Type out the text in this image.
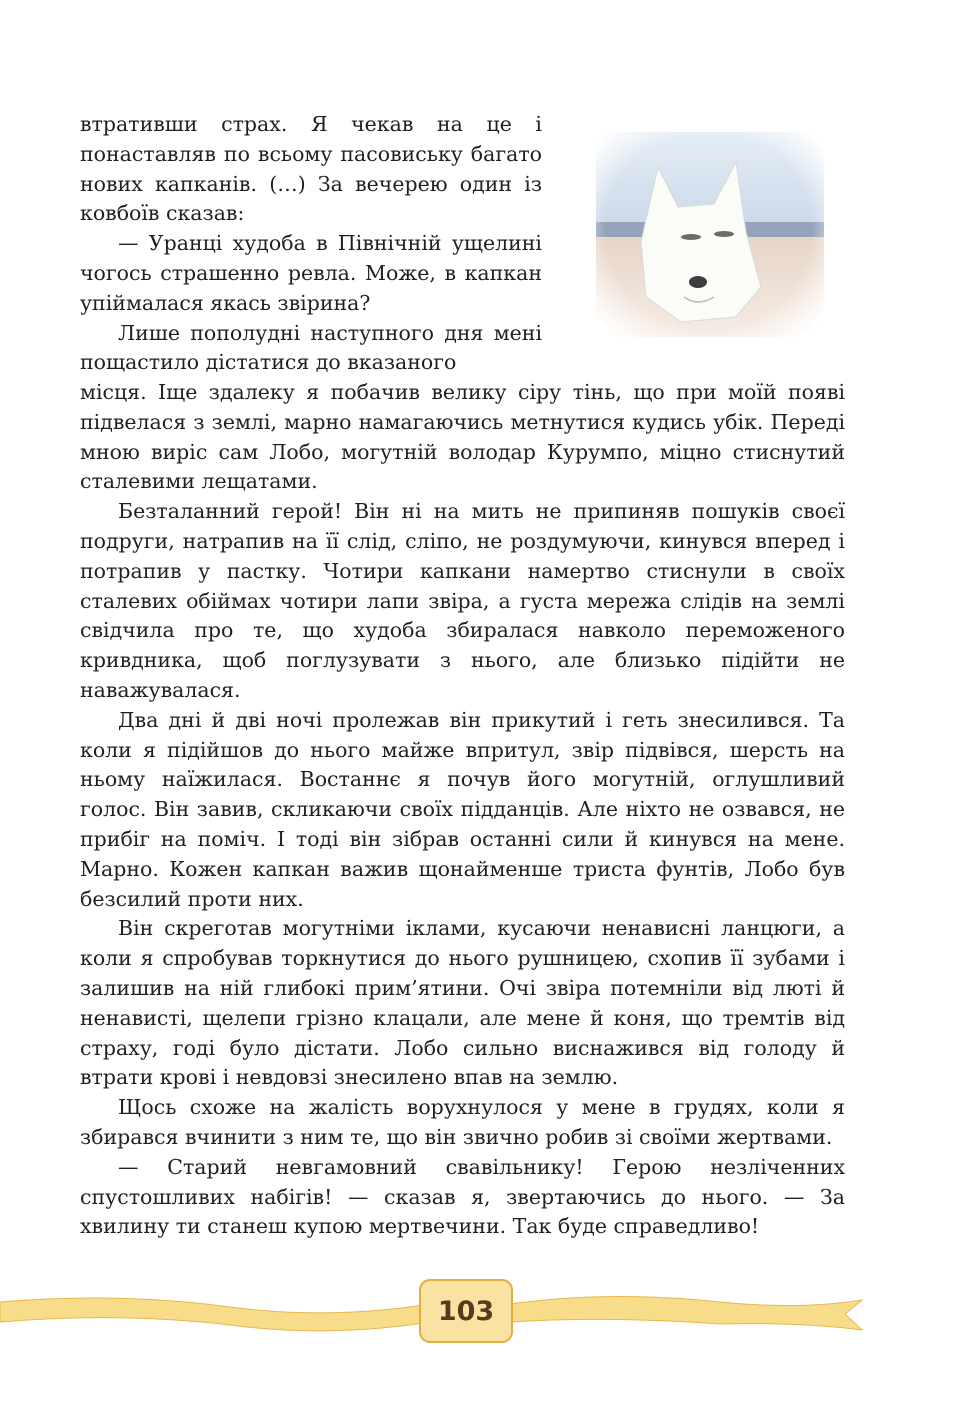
втративши страх. Я чекав на це і понаставляв по всьому пасовиську багато нових капканів. (…) За вечерею один із ковбоїв сказав:

— Уранці худоба в Північній ущелині чогось страшенно ревла. Може, в капкан упіймалася якась звірина?

Лише пополудні наступного дня мені пощастило дістатися до вказаного

місця. Іще здалеку я побачив велику сіру тінь, що при моїй появі підвелася з землі, марно намагаючись метнутися кудись убік. Переді мною виріс сам Лобо, могутній володар Курумпо, міцно стиснутий сталевими лещатами.

Безталанний герой! Він ні на мить не припиняв пошуків своєї подруги, натрапив на її слід, сліпо, не роздумуючи, кинувся вперед і потрапив у пастку. Чотири капкани намертво стиснули в своїх сталевих обіймах чотири лапи звіра, а густа мережа слідів на землі свідчила про те, що худоба збиралася навколо переможеного кривдника, щоб поглузувати з нього, але близько підійти не наважувалася.

Два дні й дві ночі пролежав він прикутий і геть знесилився. Та коли я підійшов до нього майже впритул, звір підвівся, шерсть на ньому наїжилася. Востаннє я почув його могутній, оглушливий голос. Він завив, скликаючи своїх підданців. Але ніхто не озвався, не прибіг на поміч. І тоді він зібрав останні сили й кинувся на мене. Марно. Кожен капкан важив щонайменше триста фунтів, Лобо був безсилий проти них.

Він скреготав могутніми іклами, кусаючи ненависні ланцюги, а коли я спробував торкнутися до нього рушницею, схопив її зубами і залишив на ній глибокі прим’ятини. Очі звіра потемніли від люті й ненависті, щелепи грізно клацали, але мене й коня, що тремтів від страху, годі було дістати. Лобо сильно виснажився від голоду й втрати крові і невдовзі знесилено впав на землю.

Щось схоже на жалість ворухнулося у мене в грудях, коли я збирався вчинити з ним те, що він звично робив зі своїми жертвами.

— Старий невгамовний свавільнику! Герою незліченних спустошливих набігів! — сказав я, звертаючись до нього. — За хвилину ти станеш купою мертвечини. Так буде справедливо!

103
